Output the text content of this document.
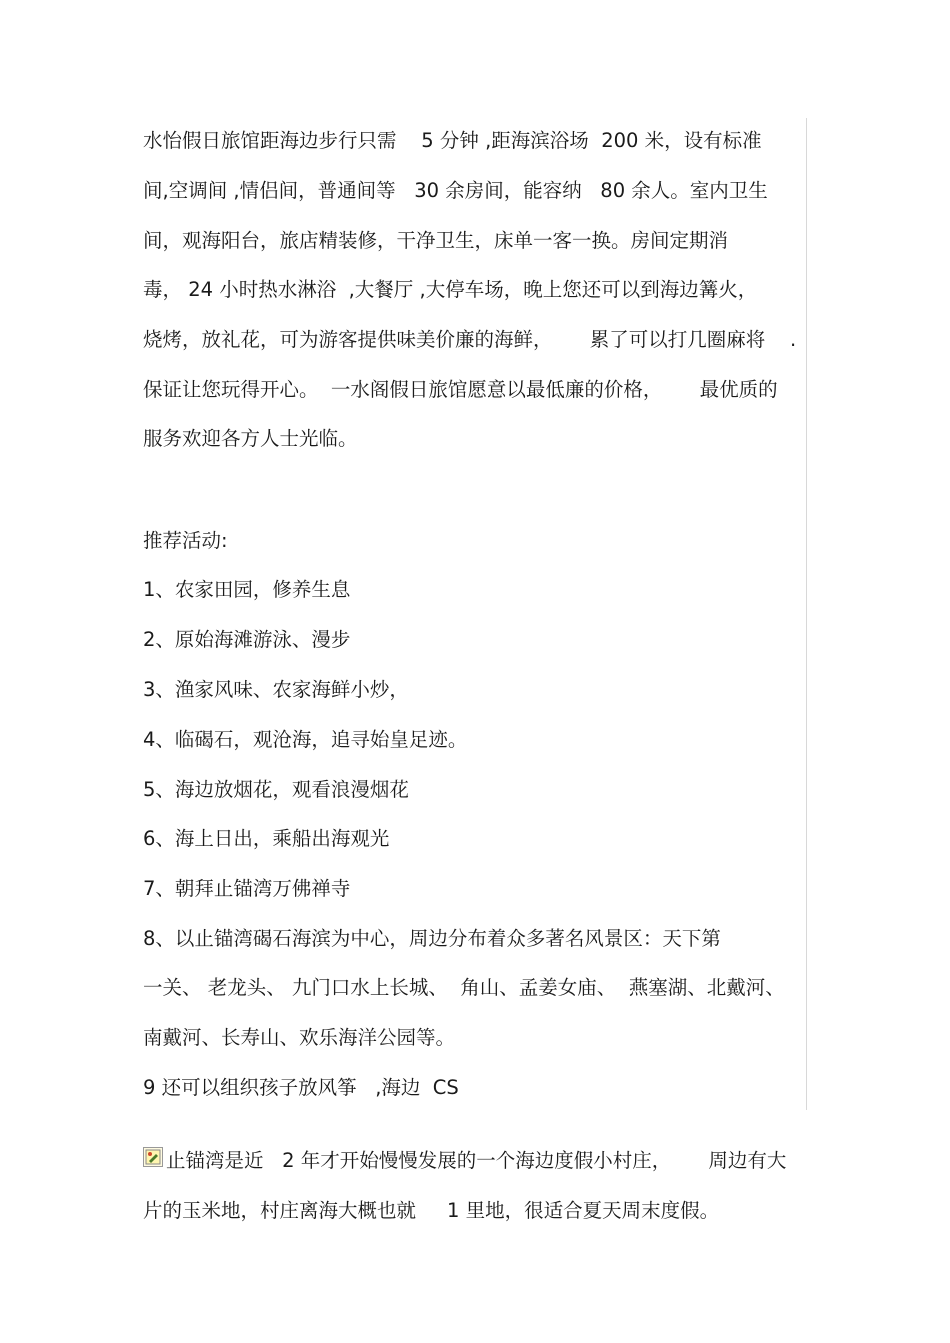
水怡假日旅馆距海边步行只需    5 分钟 ,距海滨浴场  200 米，设有标准
间,空调间 ,情侣间，普通间等   30 余房间，能容纳   80 余人。室内卫生
间，观海阳台，旅店精装修，干净卫生，床单一客一换。房间定期消
毒， 24 小时热水淋浴  ,大餐厅 ,大停车场，晚上您还可以到海边篝火，
烧烤，放礼花，可为游客提供味美价廉的海鲜，      累了可以打几圈麻将    .
保证让您玩得开心。  一水阁假日旅馆愿意以最低廉的价格，      最优质的
服务欢迎各方人士光临。
推荐活动:
1、农家田园，修养生息
2、原始海滩游泳、漫步
3、渔家风味、农家海鲜小炒，
4、临碣石，观沧海，追寻始皇足迹。
5、海边放烟花，观看浪漫烟花
6、海上日出，乘船出海观光
7、朝拜止锚湾万佛禅寺
8、以止锚湾碣石海滨为中心，周边分布着众多著名风景区：天下第
一关、 老龙头、 九门口水上长城、  角山、孟姜女庙、  燕塞湖、北戴河、
南戴河、长寿山、欢乐海洋公园等。
9 还可以组织孩子放风筝   ,海边  CS
止锚湾是近   2 年才开始慢慢发展的一个海边度假小村庄，      周边有大
片的玉米地，村庄离海大概也就     1 里地，很适合夏天周末度假。
